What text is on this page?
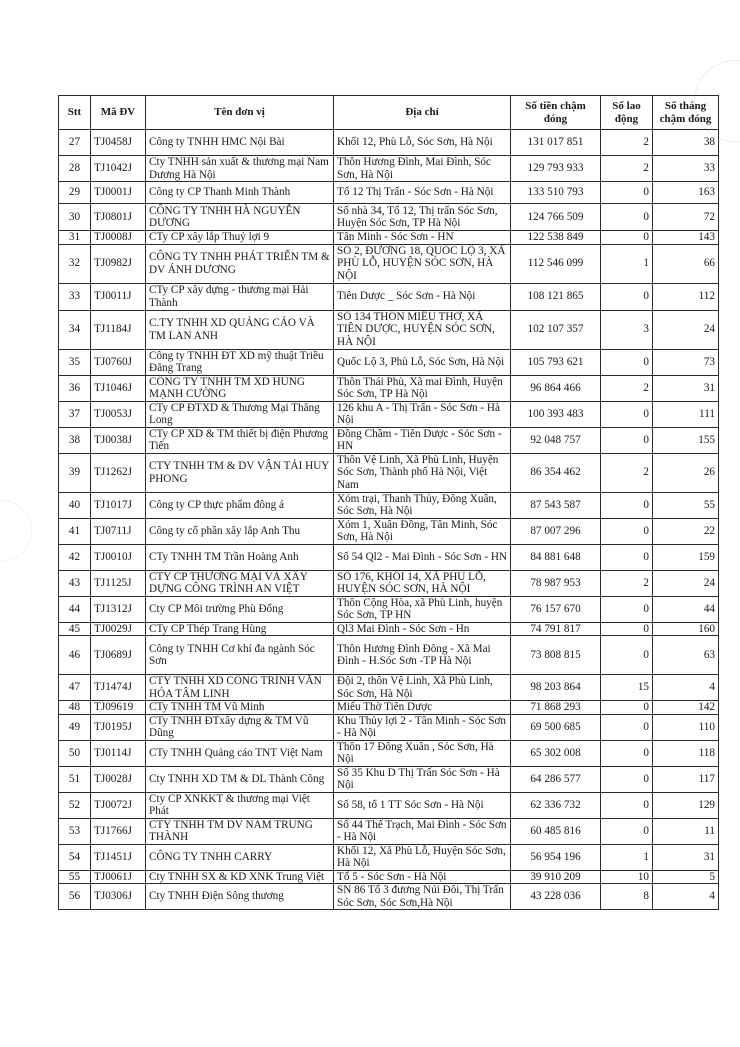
Stt	Mã ĐV	Tên đơn vị	Địa chỉ	Số tiền chậm đóng	Số lao động	Số tháng chậm đóng
27	TJ0458J	Công ty TNHH HMC Nội Bài	Khối 12, Phù Lỗ, Sóc Sơn, Hà Nội	131 017 851	2	38
28	TJ1042J	Cty TNHH sản xuất & thương mại Nam Dương Hà Nội	Thôn Hương Đình, Mai Đình, Sóc Sơn, Hà Nội	129 793 933	2	33
29	TJ0001J	Công ty CP Thanh Minh Thành	Tổ 12 Thị Trấn - Sóc Sơn - Hà Nội	133 510 793	0	163
30	TJ0801J	CÔNG TY TNHH HÀ NGUYỄN DƯƠNG	Số nhà 34, Tổ 12, Thị trấn Sóc Sơn, Huyện Sóc Sơn, TP Hà Nội	124 766 509	0	72
31	TJ0008J	CTy CP xây lắp Thuỷ lợi 9	Tân Minh - Sóc Sơn - HN	122 538 849	0	143
32	TJ0982J	CÔNG TY TNHH PHÁT TRIỂN TM & DV ÁNH DƯƠNG	SỐ 2, ĐƯỜNG 18, QUỐC LỘ 3, XÃ PHÙ LỖ, HUYỆN SÓC SƠN, HÀ NỘI	112 546 099	1	66
33	TJ0011J	CTy CP xây dựng - thương mại Hải Thành	Tiên Dược _ Sóc Sơn - Hà Nội	108 121 865	0	112
34	TJ1184J	C.TY TNHH XD QUẢNG CÁO VÀ TM LAN ANH	SỐ 134 THÔN MIẾU THỜ, XÃ TIÊN DƯỢC, HUYỆN SÓC SƠN, HÀ NỘI	102 107 357	3	24
35	TJ0760J	Công ty TNHH ĐT XD mỹ thuật Triều Đăng Trang	Quốc Lộ 3, Phù Lỗ, Sóc Sơn, Hà Nội	105 793 621	0	73
36	TJ1046J	CÔNG TY TNHH TM XD HÙNG MẠNH CƯỜNG	Thôn Thái Phù, Xã mai Đình, Huyện Sóc Sơn, TP Hà Nội	96 864 466	2	31
37	TJ0053J	CTy CP ĐTXD & Thương Mại Thăng Long	126 khu A - Thị Trấn - Sóc Sơn - Hà Nội	100 393 483	0	111
38	TJ0038J	CTy CP XD & TM thiết bị điện Phương Tiến	Đồng Chầm - Tiên Dược - Sóc Sơn - HN	92 048 757	0	155
39	TJ1262J	CTY TNHH TM & DV VẬN TẢI HUY PHONG	Thôn Vệ Linh, Xã Phù Linh, Huyện Sóc Sơn, Thành phố Hà Nội, Việt Nam	86 354 462	2	26
40	TJ1017J	Công ty CP thực phẩm đông á	Xóm trại, Thanh Thủy, Đông Xuân, Sóc Sơn, Hà Nội	87 543 587	0	55
41	TJ0711J	Công ty cổ phần xây lắp Anh Thu	Xóm 1, Xuân Đồng, Tân Minh, Sóc Sơn, Hà Nội	87 007 296	0	22
42	TJ0010J	CTy TNHH TM Trần Hoàng Anh	Số 54 Ql2 - Mai Đình - Sóc Sơn - HN	84 881 648	0	159
43	TJ1125J	CTY CP THƯƠNG MẠI VÀ XÂY DỰNG CÔNG TRÌNH AN VIỆT	SỐ 176, KHỐI 14, XÃ PHÙ LỖ, HUYỆN SÓC SƠN, HÀ NỘI	78 987 953	2	24
44	TJ1312J	Cty CP Môi trường Phù Đổng	Thôn Cộng Hòa, xã Phù Linh, huyện Sóc Sơn, TP HN	76 157 670	0	44
45	TJ0029J	CTy CP Thép Trang Hùng	Ql3 Mai Đình - Sóc Sơn - Hn	74 791 817	0	160
46	TJ0689J	Công ty TNHH Cơ khí đa ngành Sóc Sơn	Thôn Hương Đình Đông - Xã Mai Đình - H.Sóc Sơn -TP Hà Nội	73 808 815	0	63
47	TJ1474J	CTY TNHH XD CÔNG TRÌNH VĂN HÓA TÂM LINH	Đội 2, thôn Vệ Linh, Xã Phù Linh, Sóc Sơn, Hà Nội	98 203 864	15	4
48	TJ09619	CTy TNHH TM Vũ Minh	Miếu Thờ Tiên Dược	71 868 293	0	142
49	TJ0195J	CTy TNHH ĐTxây dựng & TM Vũ Dũng	Khu Thủy lợi 2 - Tân Minh - Sóc Sơn - Hà Nội	69 500 685	0	110
50	TJ0114J	CTy TNHH Quảng cáo TNT Việt Nam	Thôn 17 Đông Xuân , Sóc Sơn, Hà Nội	65 302 008	0	118
51	TJ0028J	Cty TNHH XD TM & DL Thành Công	Số 35 Khu D Thị Trấn Sóc Sơn - Hà Nội	64 286 577	0	117
52	TJ0072J	Cty CP XNKKT & thương mại Việt Phát	Số 58, tổ 1 TT Sóc Sơn - Hà Nội	62 336 732	0	129
53	TJ1766J	CTY TNHH TM DV NAM TRUNG THÀNH	Số 44 Thế Trạch, Mai Đình - Sóc Sơn - Hà Nội	60 485 816	0	11
54	TJ1451J	CÔNG TY TNHH CARRY	Khối 12, Xã Phù Lỗ, Huyện Sóc Sơn, Hà Nội	56 954 196	1	31
55	TJ0061J	Cty TNHH SX & KD XNK Trung Việt	Tổ 5 - Sóc Sơn - Hà Nội	39 910 209	10	5
56	TJ0306J	Cty TNHH Điện Sông thương	SN 86 Tổ 3 đương Núi Đôi, Thị Trấn Sóc Sơn, Sóc Sơn,Hà Nội	43 228 036	8	4
